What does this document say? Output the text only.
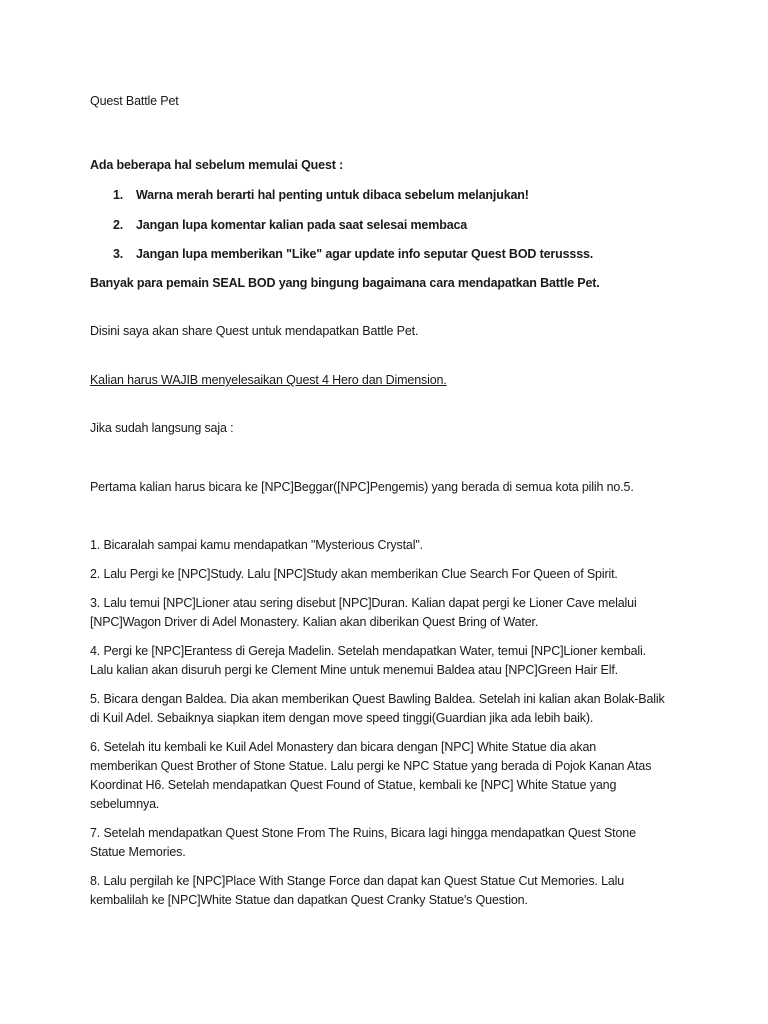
Quest Battle Pet
Ada beberapa hal sebelum memulai Quest :
1. Warna merah berarti hal penting untuk dibaca sebelum melanjukan!
2. Jangan lupa komentar kalian pada saat selesai membaca
3. Jangan lupa memberikan "Like" agar update info seputar Quest BOD terussss.
Banyak para pemain SEAL BOD yang bingung bagaimana cara mendapatkan Battle Pet.
Disini saya akan share Quest untuk mendapatkan Battle Pet.
Kalian harus WAJIB menyelesaikan Quest 4 Hero dan Dimension.
Jika sudah langsung saja :
Pertama kalian harus bicara ke [NPC]Beggar([NPC]Pengemis) yang berada di semua kota pilih no.5.
1. Bicaralah sampai kamu mendapatkan "Mysterious Crystal".
2. Lalu Pergi ke [NPC]Study. Lalu [NPC]Study akan memberikan Clue Search For Queen of Spirit.
3. Lalu temui [NPC]Lioner atau sering disebut [NPC]Duran. Kalian dapat pergi ke Lioner Cave melalui
[NPC]Wagon Driver di Adel Monastery. Kalian akan diberikan Quest Bring of Water.
4. Pergi ke [NPC]Erantess di Gereja Madelin. Setelah mendapatkan Water, temui [NPC]Lioner kembali.
Lalu kalian akan disuruh pergi ke Clement Mine untuk menemui Baldea atau [NPC]Green Hair Elf.
5. Bicara dengan Baldea. Dia akan memberikan Quest Bawling Baldea. Setelah ini kalian akan Bolak-Balik
di Kuil Adel. Sebaiknya siapkan item dengan move speed tinggi(Guardian jika ada lebih baik).
6. Setelah itu kembali ke Kuil Adel Monastery dan bicara dengan [NPC] White Statue dia akan
memberikan Quest Brother of Stone Statue. Lalu pergi ke NPC Statue yang berada di Pojok Kanan Atas
Koordinat H6. Setelah mendapatkan Quest Found of Statue, kembali ke [NPC] White Statue yang
sebelumnya.
7. Setelah mendapatkan Quest Stone From The Ruins, Bicara lagi hingga mendapatkan Quest Stone
Statue Memories.
8. Lalu pergilah ke [NPC]Place With Stange Force dan dapat kan Quest Statue Cut Memories. Lalu
kembalilah ke [NPC]White Statue dan dapatkan Quest Cranky Statue's Question.
